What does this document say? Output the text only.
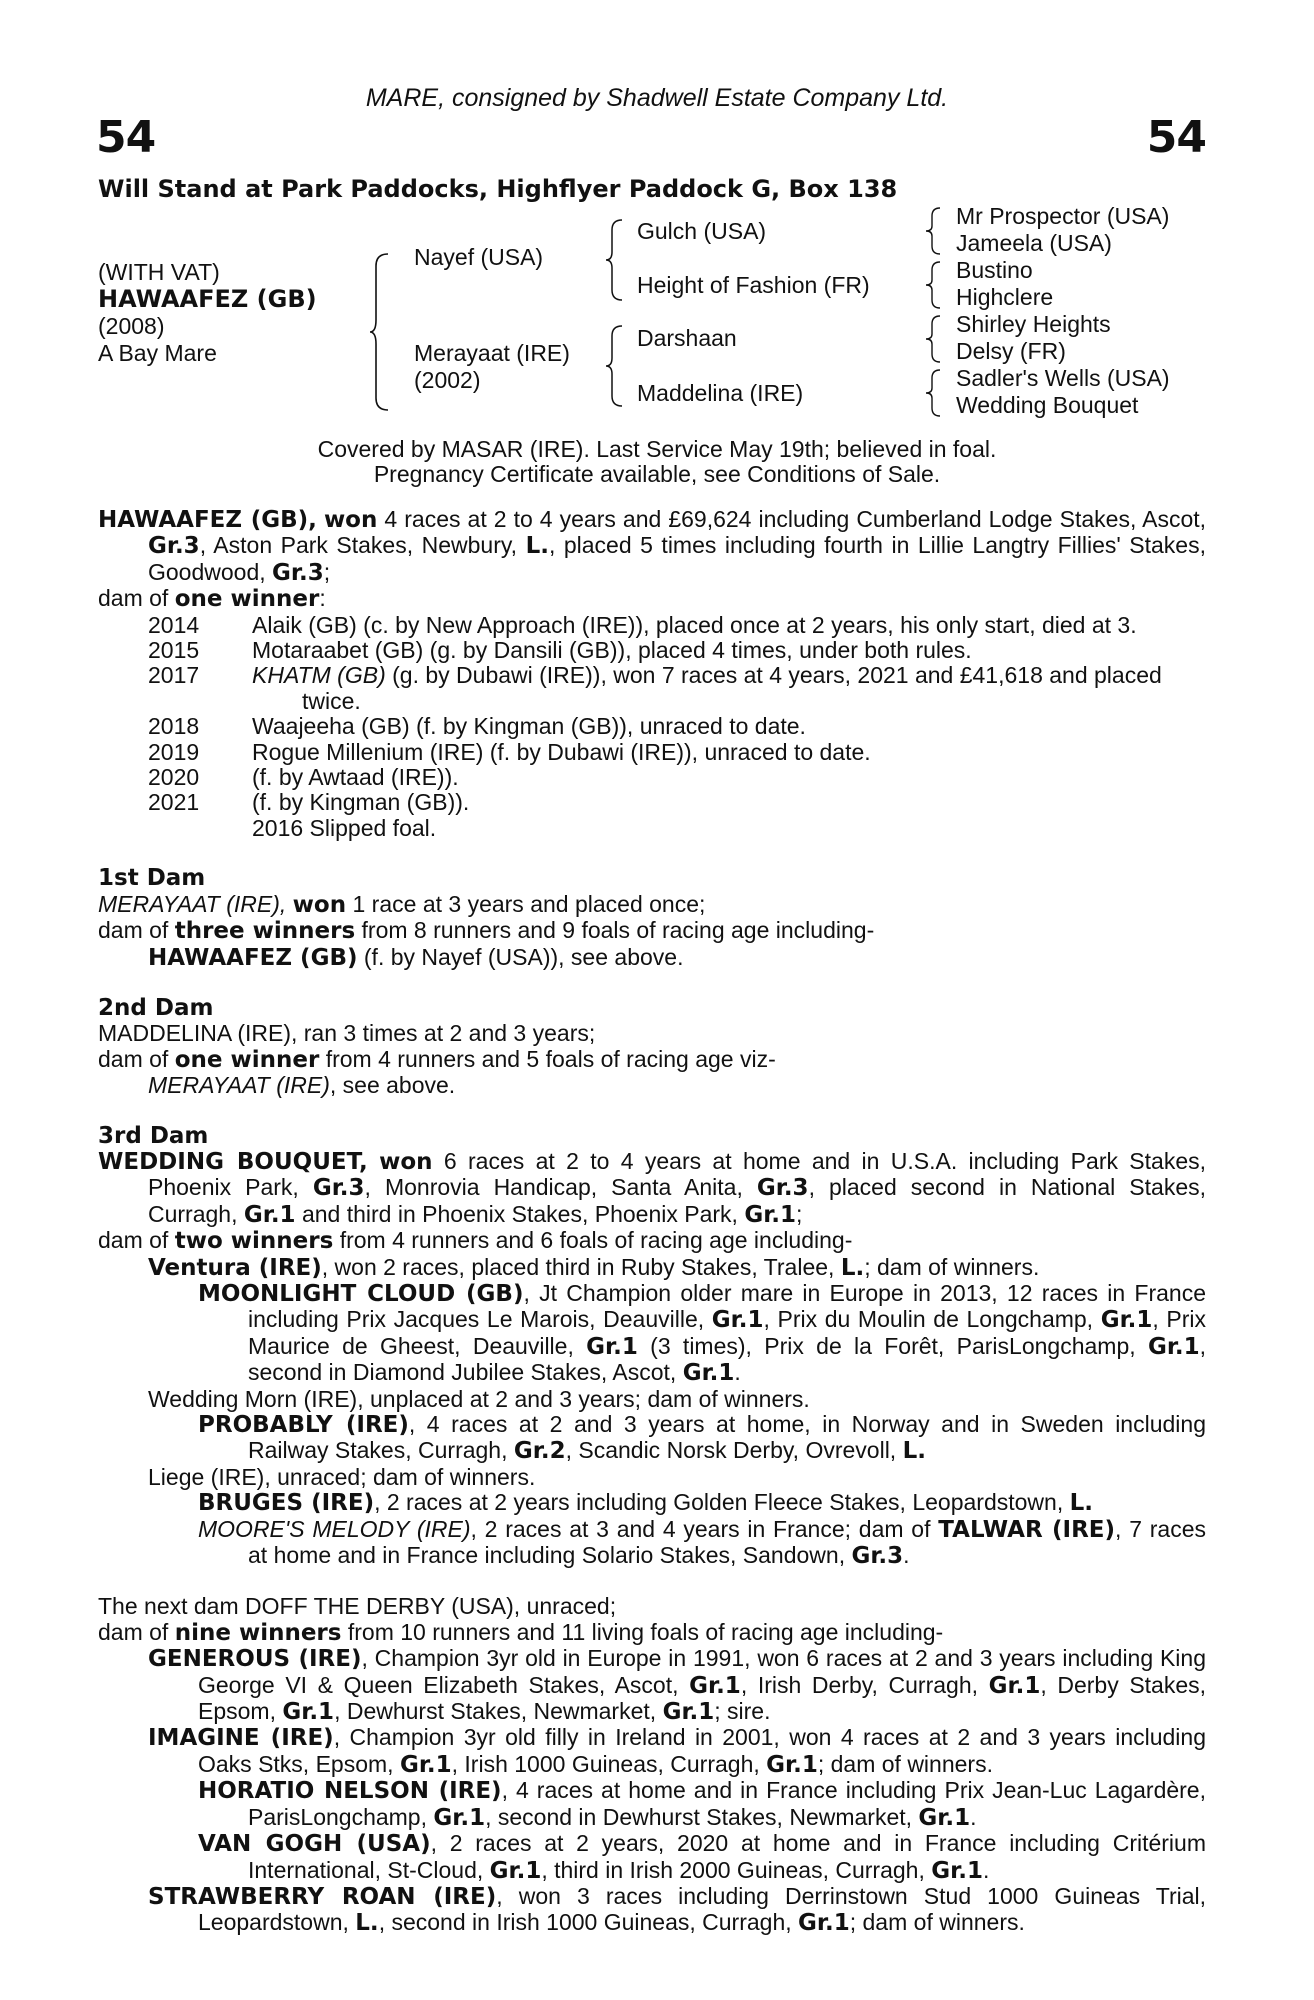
MARE, consigned by Shadwell Estate Company Ltd.
54	54
Will Stand at Park Paddocks, Highflyer Paddock G, Box 138
(WITH VAT)
HAWAAFEZ (GB)
(2008)
A Bay Mare
Nayef (USA)
Merayaat (IRE)
(2002)
Gulch (USA)
Height of Fashion (FR)
Darshaan
Maddelina (IRE)
Mr Prospector (USA)
Jameela (USA)
Bustino
Highclere
Shirley Heights
Delsy (FR)
Sadler's Wells (USA)
Wedding Bouquet
Covered by MASAR (IRE). Last Service May 19th; believed in foal.
Pregnancy Certificate available, see Conditions of Sale.

HAWAAFEZ (GB), won 4 races at 2 to 4 years and £69,624 including Cumberland Lodge Stakes, Ascot, Gr.3, Aston Park Stakes, Newbury, L., placed 5 times including fourth in Lillie Langtry Fillies' Stakes, Goodwood, Gr.3;

dam of one winner:

2014	Alaik (GB) (c. by New Approach (IRE)), placed once at 2 years, his only start, died at 3.
2015	Motaraabet (GB) (g. by Dansili (GB)), placed 4 times, under both rules.
2017	KHATM (GB) (g. by Dubawi (IRE)), won 7 races at 4 years, 2021 and £41,618 and placed twice.
2018	Waajeeha (GB) (f. by Kingman (GB)), unraced to date.
2019	Rogue Millenium (IRE) (f. by Dubawi (IRE)), unraced to date.
2020	(f. by Awtaad (IRE)).
2021	(f. by Kingman (GB)).

2016 Slipped foal.

1st Dam

MERAYAAT (IRE), won 1 race at 3 years and placed once;

dam of three winners from 8 runners and 9 foals of racing age including-

HAWAAFEZ (GB) (f. by Nayef (USA)), see above.

2nd Dam

MADDELINA (IRE), ran 3 times at 2 and 3 years;

dam of one winner from 4 runners and 5 foals of racing age viz-

MERAYAAT (IRE), see above.

3rd Dam

WEDDING BOUQUET, won 6 races at 2 to 4 years at home and in U.S.A. including Park Stakes, Phoenix Park, Gr.3, Monrovia Handicap, Santa Anita, Gr.3, placed second in National Stakes, Curragh, Gr.1 and third in Phoenix Stakes, Phoenix Park, Gr.1;

dam of two winners from 4 runners and 6 foals of racing age including-

Ventura (IRE), won 2 races, placed third in Ruby Stakes, Tralee, L.; dam of winners.

MOONLIGHT CLOUD (GB), Jt Champion older mare in Europe in 2013, 12 races in France including Prix Jacques Le Marois, Deauville, Gr.1, Prix du Moulin de Longchamp, Gr.1, Prix Maurice de Gheest, Deauville, Gr.1 (3 times), Prix de la Forêt, ParisLongchamp, Gr.1, second in Diamond Jubilee Stakes, Ascot, Gr.1.

Wedding Morn (IRE), unplaced at 2 and 3 years; dam of winners.

PROBABLY (IRE), 4 races at 2 and 3 years at home, in Norway and in Sweden including Railway Stakes, Curragh, Gr.2, Scandic Norsk Derby, Ovrevoll, L.

Liege (IRE), unraced; dam of winners.

BRUGES (IRE), 2 races at 2 years including Golden Fleece Stakes, Leopardstown, L.

MOORE'S MELODY (IRE), 2 races at 3 and 4 years in France; dam of TALWAR (IRE), 7 races at home and in France including Solario Stakes, Sandown, Gr.3.

The next dam DOFF THE DERBY (USA), unraced;

dam of nine winners from 10 runners and 11 living foals of racing age including-

GENEROUS (IRE), Champion 3yr old in Europe in 1991, won 6 races at 2 and 3 years including King George VI & Queen Elizabeth Stakes, Ascot, Gr.1, Irish Derby, Curragh, Gr.1, Derby Stakes, Epsom, Gr.1, Dewhurst Stakes, Newmarket, Gr.1; sire.

IMAGINE (IRE), Champion 3yr old filly in Ireland in 2001, won 4 races at 2 and 3 years including Oaks Stks, Epsom, Gr.1, Irish 1000 Guineas, Curragh, Gr.1; dam of winners.

HORATIO NELSON (IRE), 4 races at home and in France including Prix Jean-Luc Lagardère, ParisLongchamp, Gr.1, second in Dewhurst Stakes, Newmarket, Gr.1.

VAN GOGH (USA), 2 races at 2 years, 2020 at home and in France including Critérium International, St-Cloud, Gr.1, third in Irish 2000 Guineas, Curragh, Gr.1.

STRAWBERRY ROAN (IRE), won 3 races including Derrinstown Stud 1000 Guineas Trial, Leopardstown, L., second in Irish 1000 Guineas, Curragh, Gr.1; dam of winners.
